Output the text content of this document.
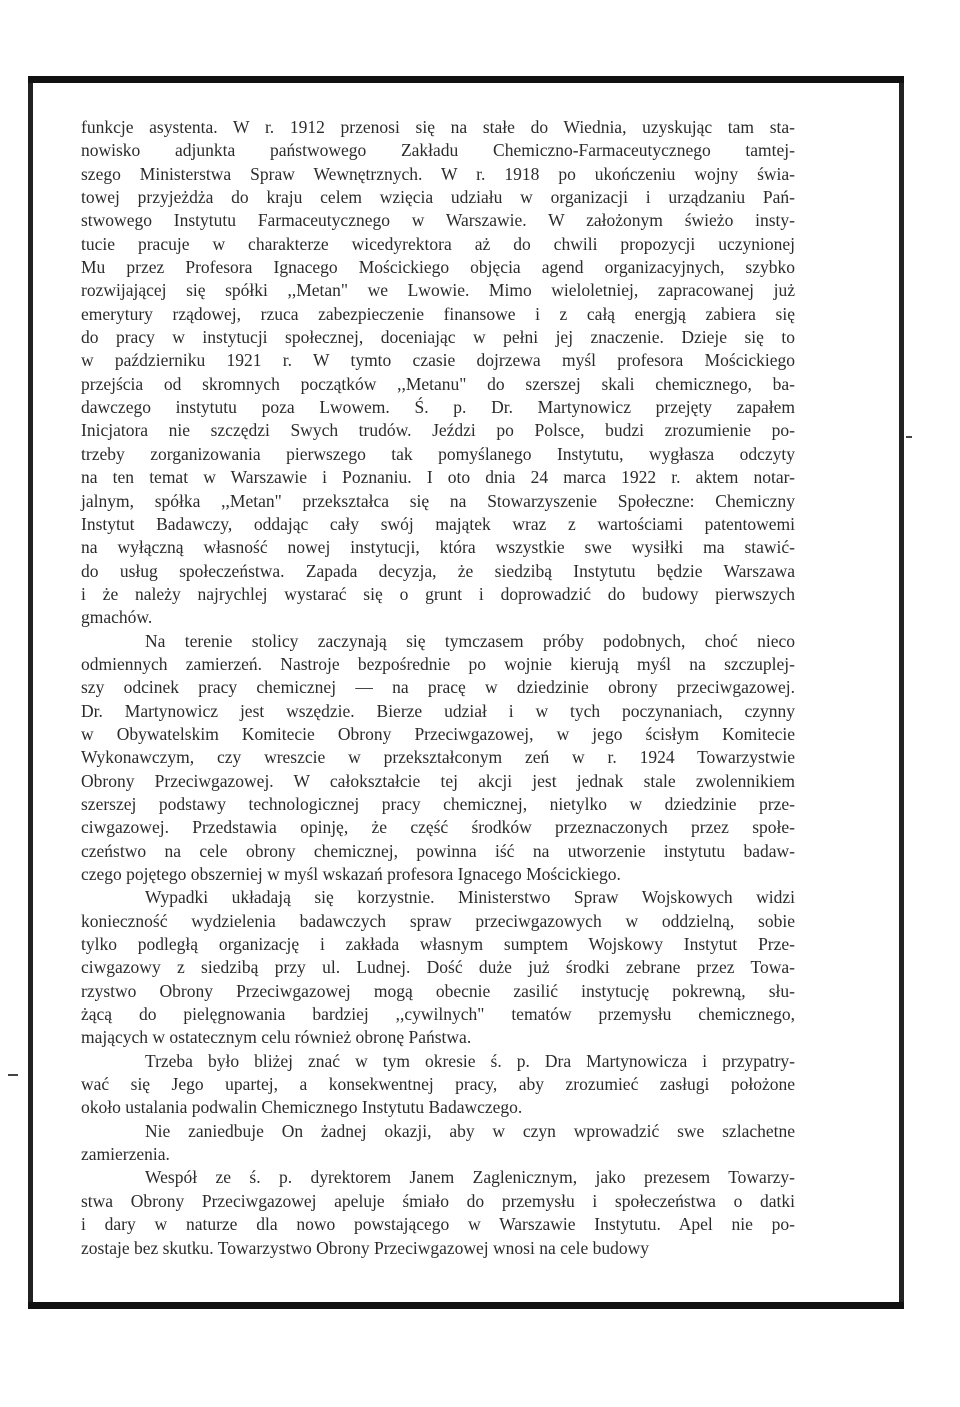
funkcje asystenta. W r. 1912 przenosi się na stałe do Wiednia, uzyskując tam sta-
nowisko adjunkta państwowego Zakładu Chemiczno-Farmaceutycznego tamtej-
szego Ministerstwa Spraw Wewnętrznych. W r. 1918 po ukończeniu wojny świa-
towej przyjeżdża do kraju celem wzięcia udziału w organizacji i urządzaniu Pań-
stwowego Instytutu Farmaceutycznego w Warszawie. W założonym świeżo insty-
tucie pracuje w charakterze wicedyrektora aż do chwili propozycji uczynionej
Mu przez Profesora Ignacego Mościckiego objęcia agend organizacyjnych, szybko
rozwijającej się spółki ,,Metan" we Lwowie. Mimo wieloletniej, zapracowanej już
emerytury rządowej, rzuca zabezpieczenie finansowe i z całą energją zabiera się
do pracy w instytucji społecznej, doceniając w pełni jej znaczenie. Dzieje się to
w październiku 1921 r. W tymto czasie dojrzewa myśl profesora Mościckiego
przejścia od skromnych początków ,,Metanu" do szerszej skali chemicznego, ba-
dawczego instytutu poza Lwowem. Ś. p. Dr. Martynowicz przejęty zapałem
Inicjatora nie szczędzi Swych trudów. Jeździ po Polsce, budzi zrozumienie po-
trzeby zorganizowania pierwszego tak pomyślanego Instytutu, wygłasza odczyty
na ten temat w Warszawie i Poznaniu. I oto dnia 24 marca 1922 r. aktem notar-
jalnym, spółka ,,Metan" przekształca się na Stowarzyszenie Społeczne: Chemiczny
Instytut Badawczy, oddając cały swój majątek wraz z wartościami patentowemi
na wyłączną własność nowej instytucji, która wszystkie swe wysiłki ma stawić-
do usług społeczeństwa. Zapada decyzja, że siedzibą Instytutu będzie Warszawa
i że należy najrychlej wystarać się o grunt i doprowadzić do budowy pierwszych
gmachów.

Na terenie stolicy zaczynają się tymczasem próby podobnych, choć nieco
odmiennych zamierzeń. Nastroje bezpośrednie po wojnie kierują myśl na szczuplej-
szy odcinek pracy chemicznej — na pracę w dziedzinie obrony przeciwgazowej.
Dr. Martynowicz jest wszędzie. Bierze udział i w tych poczynaniach, czynny
w Obywatelskim Komitecie Obrony Przeciwgazowej, w jego ścisłym Komitecie
Wykonawczym, czy wreszcie w przekształconym zeń w r. 1924 Towarzystwie
Obrony Przeciwgazowej. W całokształcie tej akcji jest jednak stale zwolennikiem
szerszej podstawy technologicznej pracy chemicznej, nietylko w dziedzinie prze-
ciwgazowej. Przedstawia opinję, że część środków przeznaczonych przez społe-
czeństwo na cele obrony chemicznej, powinna iść na utworzenie instytutu badaw-
czego pojętego obszerniej w myśl wskazań profesora Ignacego Mościckiego.

Wypadki układają się korzystnie. Ministerstwo Spraw Wojskowych widzi
konieczność wydzielenia badawczych spraw przeciwgazowych w oddzielną, sobie
tylko podległą organizację i zakłada własnym sumptem Wojskowy Instytut Prze-
ciwgazowy z siedzibą przy ul. Ludnej. Dość duże już środki zebrane przez Towa-
rzystwo Obrony Przeciwgazowej mogą obecnie zasilić instytucję pokrewną, słu-
żącą do pielęgnowania bardziej ,,cywilnych" tematów przemysłu chemicznego,
mających w ostatecznym celu również obronę Państwa.

Trzeba było bliżej znać w tym okresie ś. p. Dra Martynowicza i przypatry-
wać się Jego upartej, a konsekwentnej pracy, aby zrozumieć zasługi położone
około ustalania podwalin Chemicznego Instytutu Badawczego.

Nie zaniedbuje On żadnej okazji, aby w czyn wprowadzić swe szlachetne
zamierzenia.

Wespół ze ś. p. dyrektorem Janem Zaglenicznym, jako prezesem Towarzy-
stwa Obrony Przeciwgazowej apeluje śmiało do przemysłu i społeczeństwa o datki
i dary w naturze dla nowo powstającego w Warszawie Instytutu. Apel nie po-
zostaje bez skutku. Towarzystwo Obrony Przeciwgazowej wnosi na cele budowy
